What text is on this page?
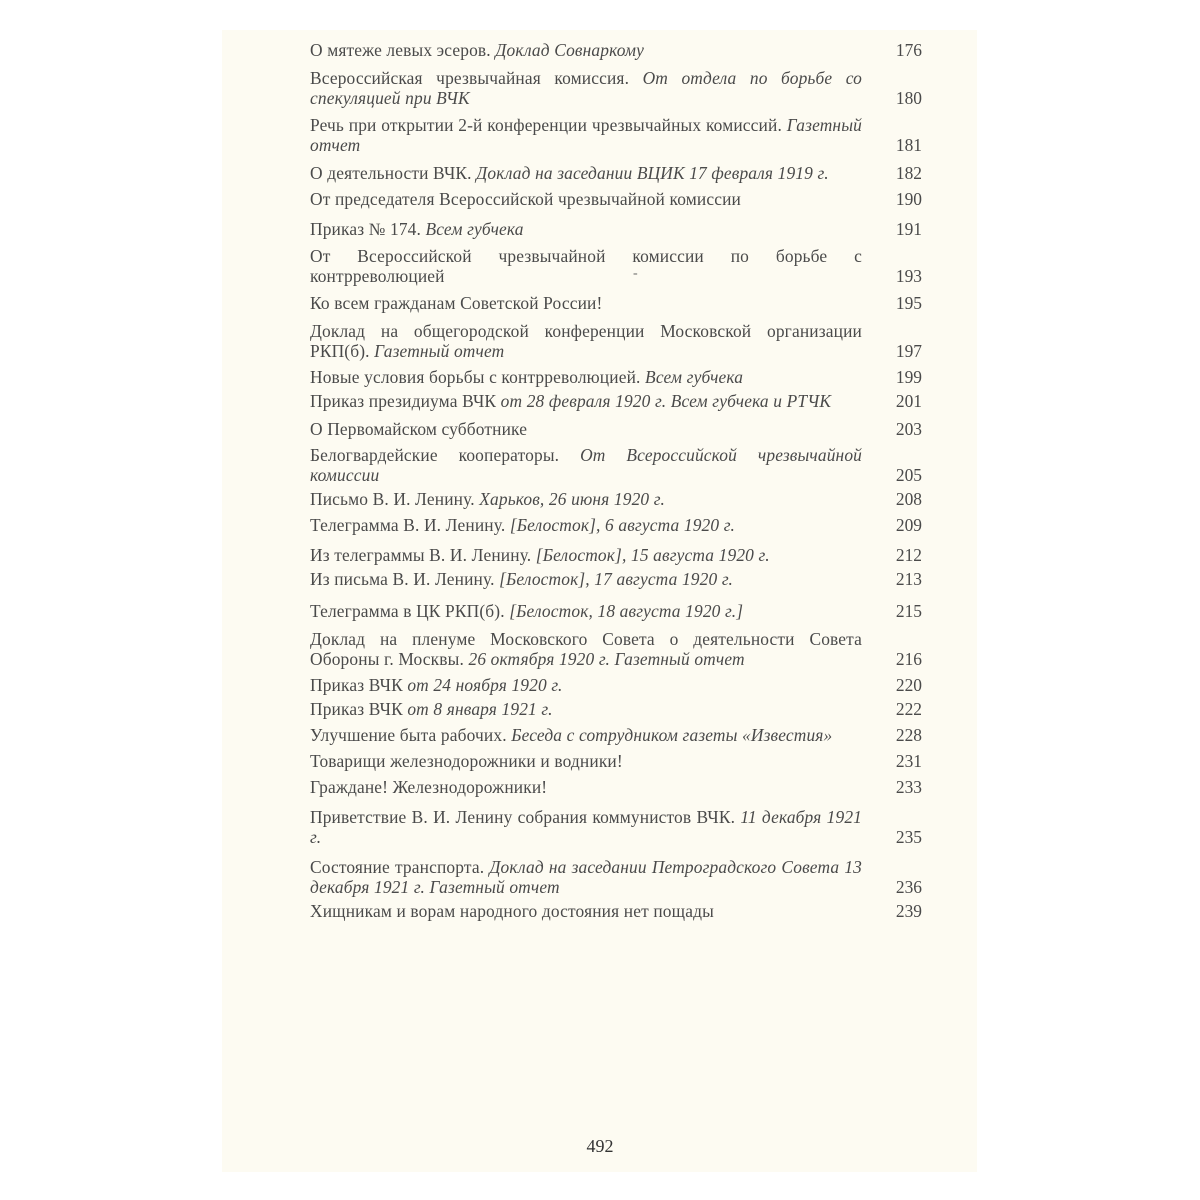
О мятеже левых эсеров. Доклад Совнаркому	176
Всероссийская чрезвычайная комиссия. От отдела по борьбе со спекуляцией при ВЧК	180
Речь при открытии 2-й конференции чрезвычайных комиссий. Газетный отчет	181
О деятельности ВЧК. Доклад на заседании ВЦИК 17 февраля 1919 г.	182
От председателя Всероссийской чрезвычайной комиссии	190
Приказ № 174. Всем губчека	191
От Всероссийской чрезвычайной комиссии по борьбе с контрреволюцией	193
Ко всем гражданам Советской России!	195
Доклад на общегородской конференции Московской организации РКП(б). Газетный отчет	197
Новые условия борьбы с контрреволюцией. Всем губчека	199
Приказ президиума ВЧК от 28 февраля 1920 г. Всем губчека и РТЧК	201
О Первомайском субботнике	203
Белогвардейские кооператоры. От Всероссийской чрезвычайной комиссии	205
Письмо В. И. Ленину. Харьков, 26 июня 1920 г.	208
Телеграмма В. И. Ленину. [Белосток], 6 августа 1920 г.	209
Из телеграммы В. И. Ленину. [Белосток], 15 августа 1920 г.	212
Из письма В. И. Ленину. [Белосток], 17 августа 1920 г.	213
Телеграмма в ЦК РКП(б). [Белосток, 18 августа 1920 г.]	215
Доклад на пленуме Московского Совета о деятельности Совета Обороны г. Москвы. 26 октября 1920 г. Газетный отчет	216
Приказ ВЧК от 24 ноября 1920 г.	220
Приказ ВЧК от 8 января 1921 г.	222
Улучшение быта рабочих. Беседа с сотрудником газеты «Известия»	228
Товарищи железнодорожники и водники!	231
Граждане! Железнодорожники!	233
Приветствие В. И. Ленину собрания коммунистов ВЧК. 11 декабря 1921 г.	235
Состояние транспорта. Доклад на заседании Петроградского Совета 13 декабря 1921 г. Газетный отчет	236
Хищникам и ворам народного достояния нет пощады	239
-
492
